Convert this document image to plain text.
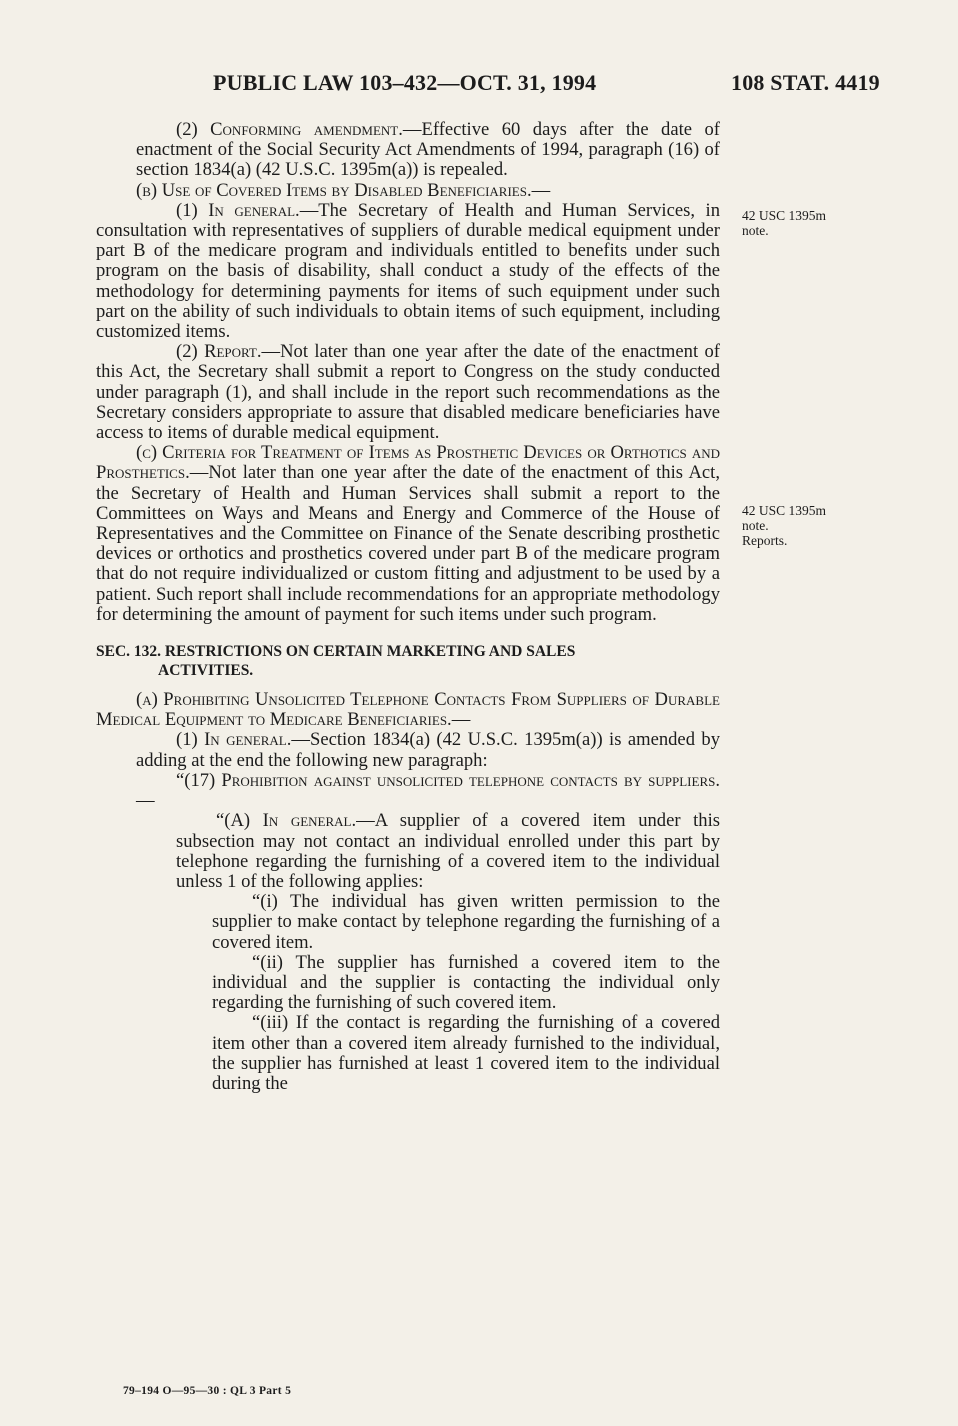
PUBLIC LAW 103–432—OCT. 31, 1994	108 STAT. 4419
42 USC 1395m
note.
42 USC 1395m
note.
Reports.

(2) Conforming amendment.—Effective 60 days after the date of enactment of the Social Security Act Amendments of 1994, paragraph (16) of section 1834(a) (42 U.S.C. 1395m(a)) is repealed.

(b) Use of Covered Items by Disabled Beneficiaries.—

(1) In general.—The Secretary of Health and Human Services, in consultation with representatives of suppliers of durable medical equipment under part B of the medicare program and individuals entitled to benefits under such program on the basis of disability, shall conduct a study of the effects of the methodology for determining payments for items of such equipment under such part on the ability of such individuals to obtain items of such equipment, including customized items.

(2) Report.—Not later than one year after the date of the enactment of this Act, the Secretary shall submit a report to Congress on the study conducted under paragraph (1), and shall include in the report such recommendations as the Secretary considers appropriate to assure that disabled medicare beneficiaries have access to items of durable medical equipment.

(c) Criteria for Treatment of Items as Prosthetic Devices or Orthotics and Prosthetics.—Not later than one year after the date of the enactment of this Act, the Secretary of Health and Human Services shall submit a report to the Committees on Ways and Means and Energy and Commerce of the House of Representatives and the Committee on Finance of the Senate describing prosthetic devices or orthotics and prosthetics covered under part B of the medicare program that do not require individualized or custom fitting and adjustment to be used by a patient. Such report shall include recommendations for an appropriate methodology for determining the amount of payment for such items under such program.

SEC. 132. RESTRICTIONS ON CERTAIN MARKETING AND SALES
ACTIVITIES.

(a) Prohibiting Unsolicited Telephone Contacts From Suppliers of Durable Medical Equipment to Medicare Beneficiaries.—

(1) In general.—Section 1834(a) (42 U.S.C. 1395m(a)) is amended by adding at the end the following new paragraph:

“(17) Prohibition against unsolicited telephone contacts by suppliers.—

“(A) In general.—A supplier of a covered item under this subsection may not contact an individual enrolled under this part by telephone regarding the furnishing of a covered item to the individual unless 1 of the following applies:

“(i) The individual has given written permission to the supplier to make contact by telephone regarding the furnishing of a covered item.

“(ii) The supplier has furnished a covered item to the individual and the supplier is contacting the individual only regarding the furnishing of such covered item.

“(iii) If the contact is regarding the furnishing of a covered item other than a covered item already furnished to the individual, the supplier has furnished at least 1 covered item to the individual during the

79–194 O—95—30 : QL 3 Part 5
